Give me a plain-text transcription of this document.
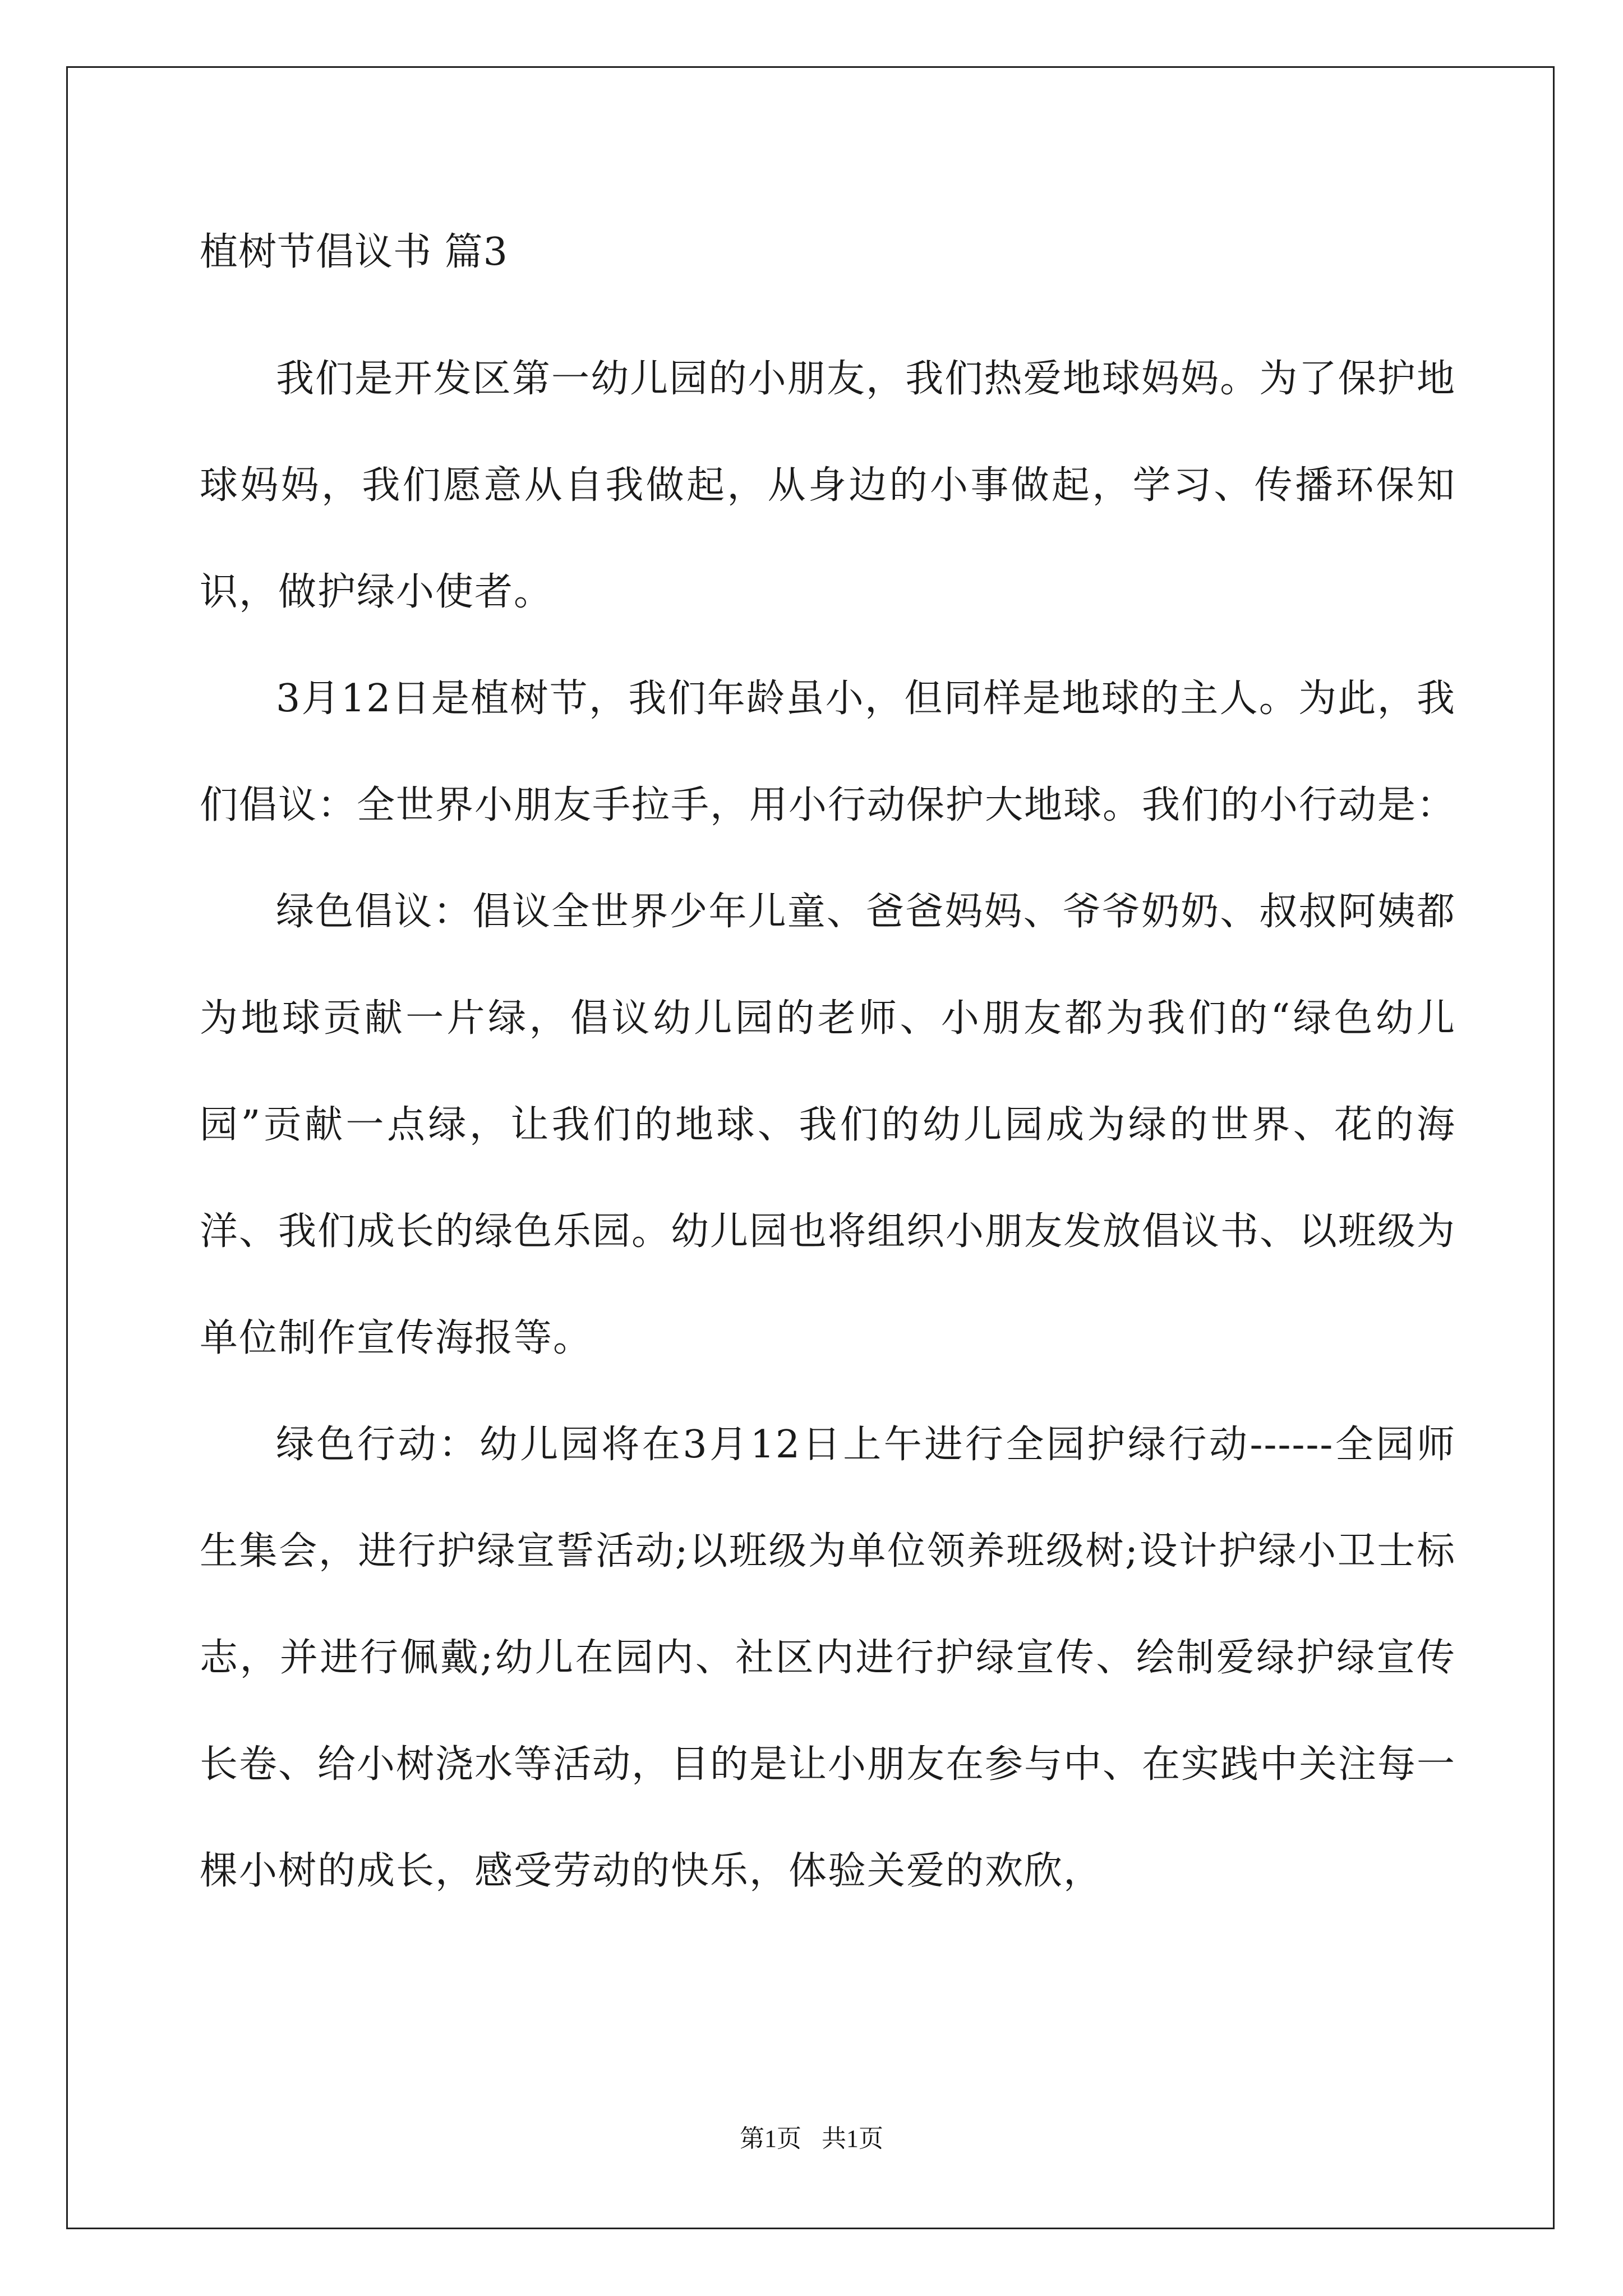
植树节倡议书 篇3

我们是开发区第一幼儿园的小朋友，我们热爱地球妈妈。为了保护地球妈妈，我们愿意从自我做起，从身边的小事做起，学习、传播环保知识，做护绿小使者。

3月12日是植树节，我们年龄虽小，但同样是地球的主人。为此，我们倡议：全世界小朋友手拉手，用小行动保护大地球。我们的小行动是：

绿色倡议：倡议全世界少年儿童、爸爸妈妈、爷爷奶奶、叔叔阿姨都为地球贡献一片绿，倡议幼儿园的老师、小朋友都为我们的“绿色幼儿园”贡献一点绿，让我们的地球、我们的幼儿园成为绿的世界、花的海洋、我们成长的绿色乐园。幼儿园也将组织小朋友发放倡议书、以班级为单位制作宣传海报等。

绿色行动：幼儿园将在3月12日上午进行全园护绿行动------全园师生集会，进行护绿宣誓活动;以班级为单位领养班级树;设计护绿小卫士标志，并进行佩戴;幼儿在园内、社区内进行护绿宣传、绘制爱绿护绿宣传长卷、给小树浇水等活动，目的是让小朋友在参与中、在实践中关注每一棵小树的成长，感受劳动的快乐，体验关爱的欢欣，

第1页 共1页
